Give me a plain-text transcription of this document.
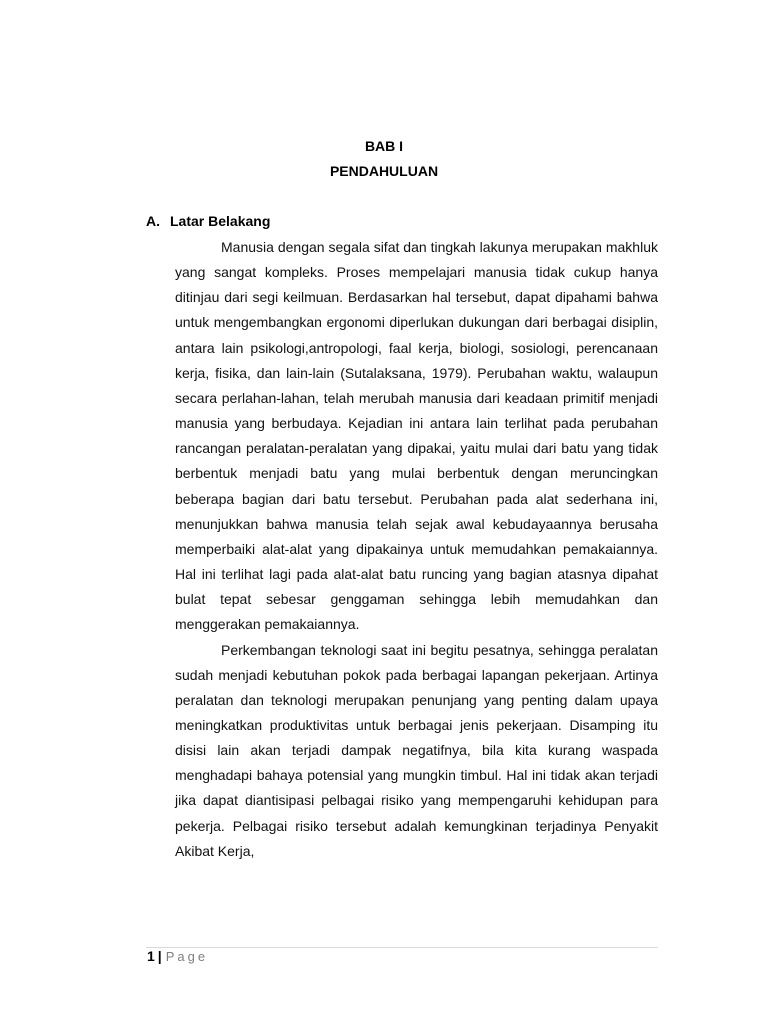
BAB I
PENDAHULUAN
A. Latar Belakang

Manusia dengan segala sifat dan tingkah lakunya merupakan makhluk yang sangat kompleks. Proses mempelajari manusia tidak cukup hanya ditinjau dari segi keilmuan. Berdasarkan hal tersebut, dapat dipahami bahwa untuk mengembangkan ergonomi diperlukan dukungan dari berbagai disiplin, antara lain psikologi,antropologi, faal kerja, biologi, sosiologi, perencanaan kerja, fisika, dan lain-lain (Sutalaksana, 1979). Perubahan waktu, walaupun secara perlahan-lahan, telah merubah manusia dari keadaan primitif menjadi manusia yang berbudaya. Kejadian ini antara lain terlihat pada perubahan rancangan peralatan-peralatan yang dipakai, yaitu mulai dari batu yang tidak berbentuk menjadi batu yang mulai berbentuk dengan meruncingkan beberapa bagian dari batu tersebut. Perubahan pada alat sederhana ini, menunjukkan bahwa manusia telah sejak awal kebudayaannya berusaha memperbaiki alat-alat yang dipakainya untuk memudahkan pemakaiannya. Hal ini terlihat lagi pada alat-alat batu runcing yang bagian atasnya dipahat bulat tepat sebesar genggaman sehingga lebih memudahkan dan menggerakan pemakaiannya.

Perkembangan teknologi saat ini begitu pesatnya, sehingga peralatan sudah menjadi kebutuhan pokok pada berbagai lapangan pekerjaan. Artinya peralatan dan teknologi merupakan penunjang yang penting dalam upaya meningkatkan produktivitas untuk berbagai jenis pekerjaan. Disamping itu disisi lain akan terjadi dampak negatifnya, bila kita kurang waspada menghadapi bahaya potensial yang mungkin timbul. Hal ini tidak akan terjadi jika dapat diantisipasi pelbagai risiko yang mempengaruhi kehidupan para pekerja. Pelbagai risiko tersebut adalah kemungkinan terjadinya Penyakit Akibat Kerja,

1 | Page
